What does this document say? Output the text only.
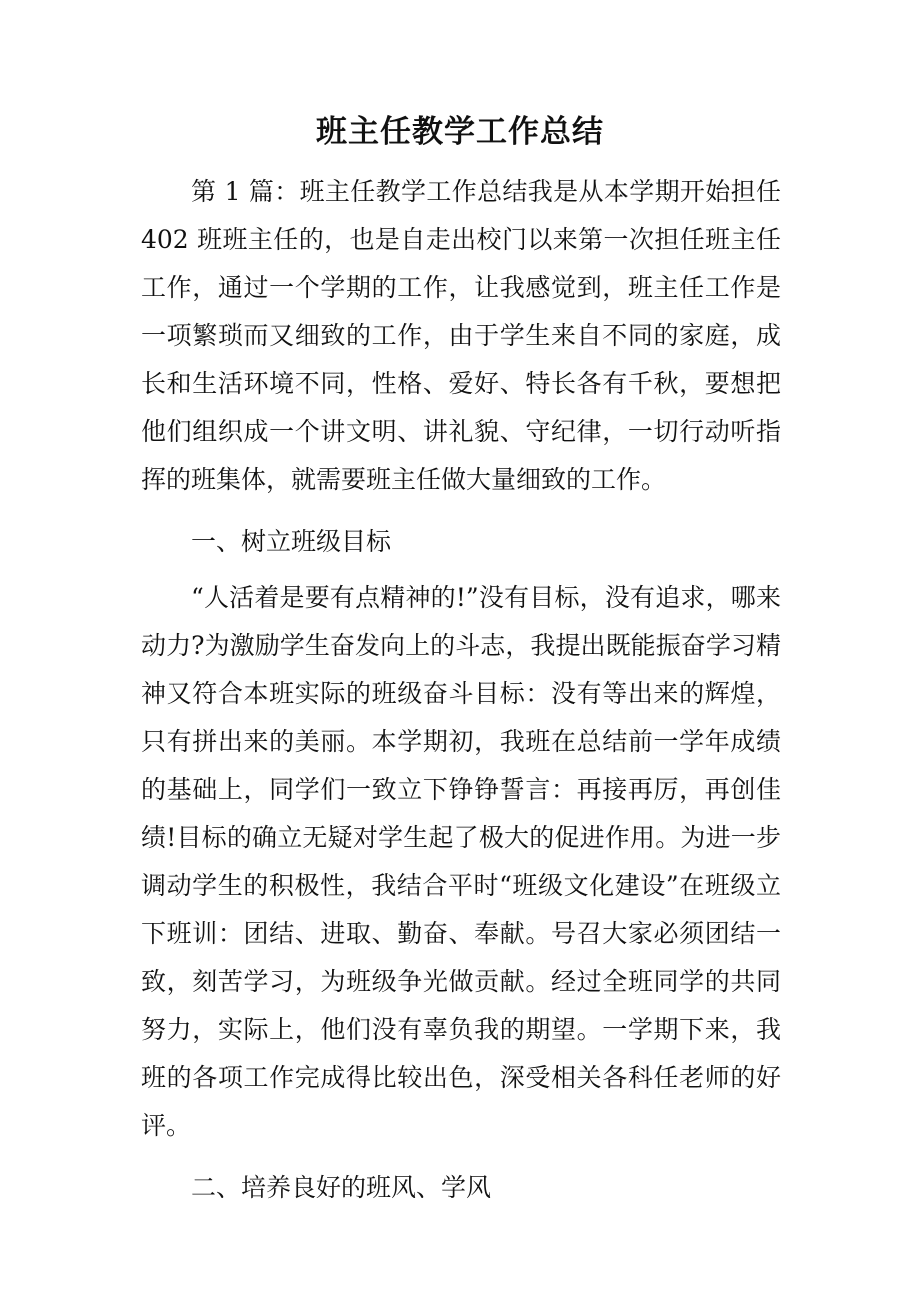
班主任教学工作总结

第 1 篇：班主任教学工作总结我是从本学期开始担任402 班班主任的，也是自走出校门以来第一次担任班主任工作，通过一个学期的工作，让我感觉到，班主任工作是一项繁琐而又细致的工作，由于学生来自不同的家庭，成长和生活环境不同，性格、爱好、特长各有千秋，要想把他们组织成一个讲文明、讲礼貌、守纪律，一切行动听指挥的班集体，就需要班主任做大量细致的工作。

一、树立班级目标

“人活着是要有点精神的!”没有目标，没有追求，哪来动力?为激励学生奋发向上的斗志，我提出既能振奋学习精神又符合本班实际的班级奋斗目标：没有等出来的辉煌，只有拼出来的美丽。本学期初，我班在总结前一学年成绩的基础上，同学们一致立下铮铮誓言：再接再厉，再创佳绩!目标的确立无疑对学生起了极大的促进作用。为进一步调动学生的积极性，我结合平时“班级文化建设”在班级立下班训：团结、进取、勤奋、奉献。号召大家必须团结一致，刻苦学习，为班级争光做贡献。经过全班同学的共同努力，实际上，他们没有辜负我的期望。一学期下来，我班的各项工作完成得比较出色，深受相关各科任老师的好评。

二、培养良好的班风、学风
